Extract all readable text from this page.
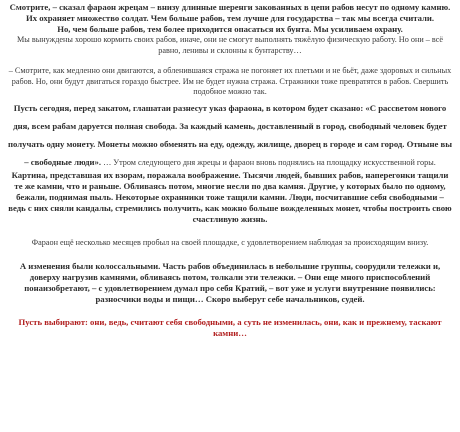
Смотрите, – сказал фараон жрецам – внизу длинные шеренги закованных в цепи рабов несут по одному камню.

Их охраняет множество солдат. Чем больше рабов, тем лучше для государства – так мы всегда считали.

Но, чем больше рабов, тем более приходится опасаться их бунта. Мы усиливаем охрану.

Мы вынуждены хорошо кормить своих рабов, иначе, они не смогут выполнять тяжёлую физическую работу. Но они – всё равно, ленивы и склонны к бунтарству…

– Смотрите, как медленно они двигаются, а обленившаяся стража не погоняет их плетьми и не бьёт, даже здоровых и сильных рабов. Но, они будут двигаться гораздо быстрее. Им не будет нужна стража. Стражники тоже превратятся в рабов. Свершить подобное можно так.

Пусть сегодня, перед закатом, глашатаи разнесут указ фараона, в котором будет сказано: «С рассветом нового дня, всем рабам даруется полная свобода. За каждый камень, доставленный в город, свободный человек будет получать одну монету. Монеты можно обменять на еду, одежду, жилище, дворец в городе и сам город. Отныне вы – свободные люди». … Утром следующего дня жрецы и фараон вновь поднялись на площадку искусственной горы.

Картина, представшая их взорам, поражала воображение. Тысячи людей, бывших рабов, наперегонки тащили те же камни, что и раньше. Обливаясь потом, многие несли по два камня. Другие, у которых было по одному, бежали, поднимая пыль. Некоторые охранники тоже тащили камни. Люди, посчитавшие себя свободными – ведь с них сняли кандалы, стремились получить, как можно больше вожделенных монет, чтобы построить свою счастливую жизнь.

Фараон ещё несколько месяцев пробыл на своей площадке, с удовлетворением наблюдая за происходящим внизу.

А изменения были колоссальными. Часть рабов объединилась в небольшие группы, соорудили тележки и, доверху нагрузив камнями, обливаясь потом, толкали эти тележки. – Они еще много приспособлений понаизобретают, – с удовлетворением думал про себя Кратий, – вот уже и услуги внутренние появились: разносчики воды и пищи… Скоро выберут себе начальников, судей.

Пусть выбирают: они, ведь, считают себя свободными, а суть не изменилась, они, как и прежнему, таскают камни…
